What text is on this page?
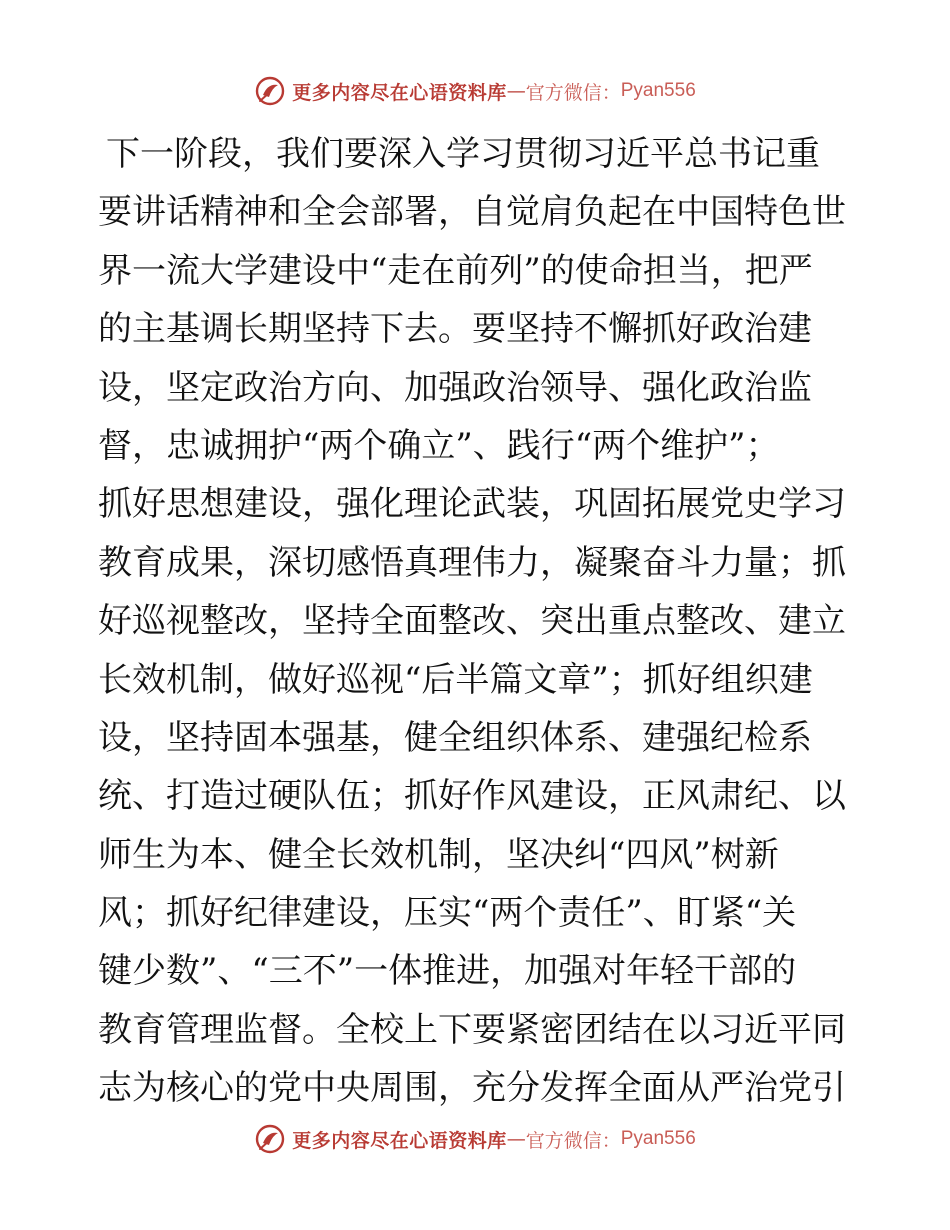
更多内容尽在心语资料库 — 官方微信： Pyan556
下一阶段，我们要深入学习贯彻习近平总书记重
要讲话精神和全会部署，自觉肩负起在中国特色世
界一流大学建设中“走在前列”的使命担当，把严
的主基调长期坚持下去。要坚持不懈抓好政治建
设，坚定政治方向、加强政治领导、强化政治监
督，忠诚拥护“两个确立”、践行“两个维护”；
抓好思想建设，强化理论武装，巩固拓展党史学习
教育成果，深切感悟真理伟力，凝聚奋斗力量；抓
好巡视整改，坚持全面整改、突出重点整改、建立
长效机制，做好巡视“后半篇文章”；抓好组织建
设，坚持固本强基，健全组织体系、建强纪检系
统、打造过硬队伍；抓好作风建设，正风肃纪、以
师生为本、健全长效机制，坚决纠“四风”树新
风；抓好纪律建设，压实“两个责任”、盯紧“关
键少数”、“三不”一体推进，加强对年轻干部的
教育管理监督。全校上下要紧密团结在以习近平同
志为核心的党中央周围，充分发挥全面从严治党引
更多内容尽在心语资料库 — 官方微信： Pyan556
